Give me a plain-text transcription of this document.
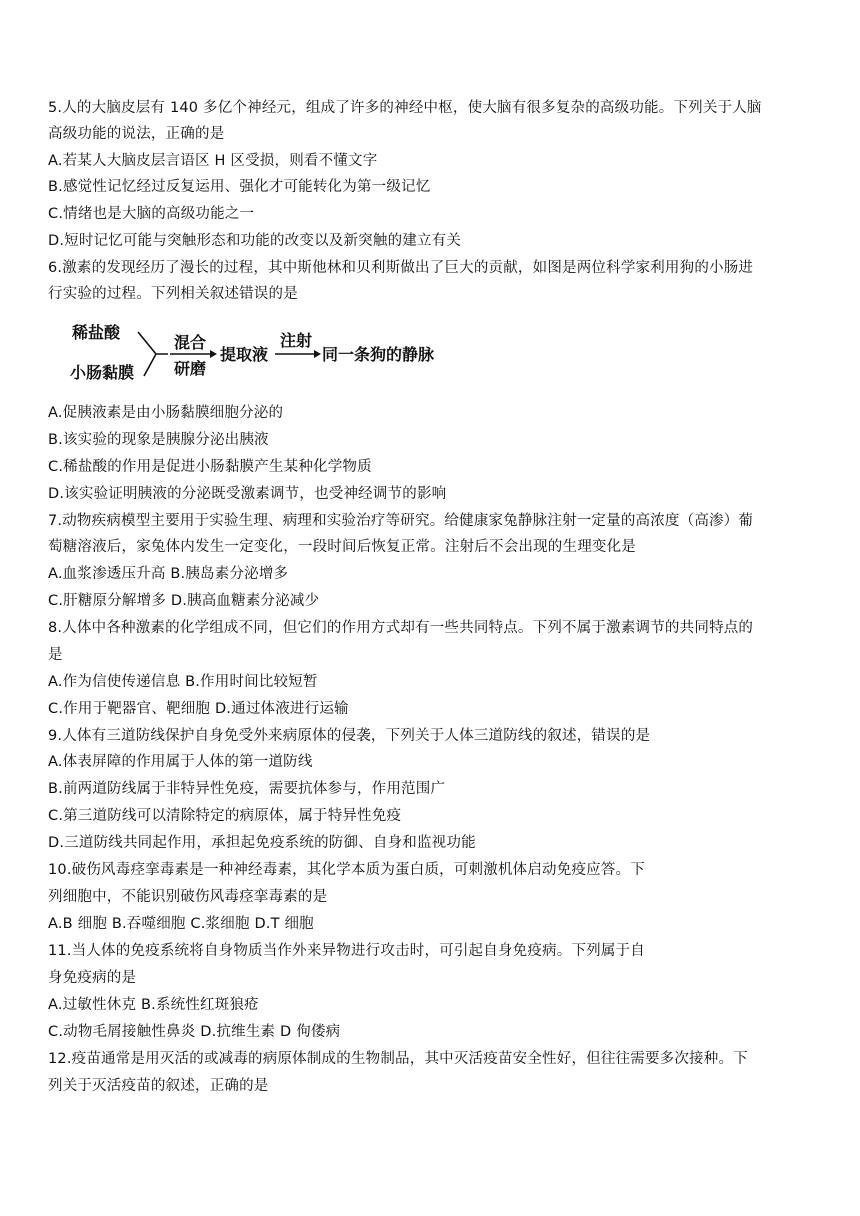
5.人的大脑皮层有 140 多亿个神经元，组成了许多的神经中枢，使大脑有很多复杂的高级功能。下列关于人脑
高级功能的说法，正确的是
A.若某人大脑皮层言语区 H 区受损，则看不懂文字
B.感觉性记忆经过反复运用、强化才可能转化为第一级记忆
C.情绪也是大脑的高级功能之一
D.短时记忆可能与突触形态和功能的改变以及新突触的建立有关
6.激素的发现经历了漫长的过程，其中斯他林和贝利斯做出了巨大的贡献，如图是两位科学家利用狗的小肠进
行实验的过程。下列相关叙述错误的是
稀盐酸
小肠黏膜
混合
研磨
提取液
注射
同一条狗的静脉
A.促胰液素是由小肠黏膜细胞分泌的
B.该实验的现象是胰腺分泌出胰液
C.稀盐酸的作用是促进小肠黏膜产生某种化学物质
D.该实验证明胰液的分泌既受激素调节，也受神经调节的影响
7.动物疾病模型主要用于实验生理、病理和实验治疗等研究。给健康家兔静脉注射一定量的高浓度（高渗）葡
萄糖溶液后，家兔体内发生一定变化，一段时间后恢复正常。注射后不会出现的生理变化是
A.血浆渗透压升高 B.胰岛素分泌增多
C.肝糖原分解增多 D.胰高血糖素分泌减少
8.人体中各种激素的化学组成不同，但它们的作用方式却有一些共同特点。下列不属于激素调节的共同特点的
是
A.作为信使传递信息 B.作用时间比较短暂
C.作用于靶器官、靶细胞 D.通过体液进行运输
9.人体有三道防线保护自身免受外来病原体的侵袭，下列关于人体三道防线的叙述，错误的是
A.体表屏障的作用属于人体的第一道防线
B.前两道防线属于非特异性免疫，需要抗体参与，作用范围广
C.第三道防线可以清除特定的病原体，属于特异性免疫
D.三道防线共同起作用，承担起免疫系统的防御、自身和监视功能
10.破伤风毒痉挛毒素是一种神经毒素，其化学本质为蛋白质，可刺激机体启动免疫应答。下
列细胞中，不能识别破伤风毒痉挛毒素的是
A.B 细胞 B.吞噬细胞 C.浆细胞 D.T 细胞
11.当人体的免疫系统将自身物质当作外来异物进行攻击时，可引起自身免疫病。下列属于自
身免疫病的是
A.过敏性休克 B.系统性红斑狼疮
C.动物毛屑接触性鼻炎 D.抗维生素 D 佝偻病
12.疫苗通常是用灭活的或减毒的病原体制成的生物制品，其中灭活疫苗安全性好，但往往需要多次接种。下
列关于灭活疫苗的叙述，正确的是
